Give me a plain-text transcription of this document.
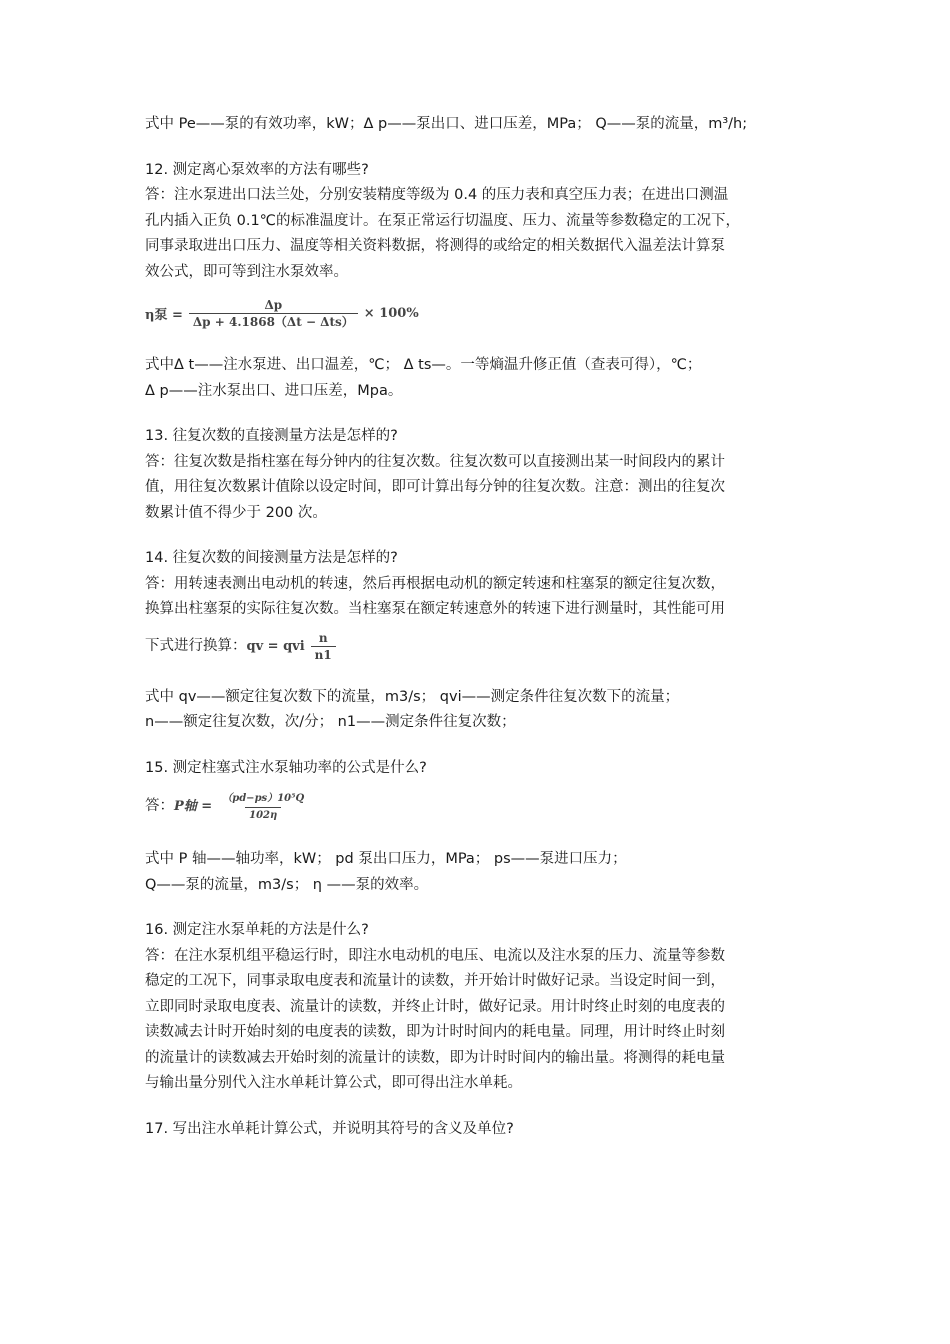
式中 Pe——泵的有效功率，kW；Δ p——泵出口、进口压差，MPa； Q——泵的流量，m³/h;
12. 测定离心泵效率的方法有哪些?
答：注水泵进出口法兰处，分别安装精度等级为 0.4 的压力表和真空压力表；在进出口测温
孔内插入正负 0.1℃的标准温度计。在泵正常运行切温度、压力、流量等参数稳定的工况下，
同事录取进出口压力、温度等相关资料数据，将测得的或给定的相关数据代入温差法计算泵
效公式，即可等到注水泵效率。
η泵 = $\frac{\Delta p}{\text{Δp + 4.1868（Δt − Δts）}} \times 100\%$
式中Δ t——注水泵进、出口温差，℃； Δ ts—。一等熵温升修正值（查表可得），℃；
Δ p——注水泵出口、进口压差，Mpa。
13. 往复次数的直接测量方法是怎样的?
答：往复次数是指柱塞在每分钟内的往复次数。往复次数可以直接测出某一时间段内的累计
值，用往复次数累计值除以设定时间，即可计算出每分钟的往复次数。注意：测出的往复次
数累计值不得少于 200 次。
14. 往复次数的间接测量方法是怎样的?
答：用转速表测出电动机的转速，然后再根据电动机的额定转速和柱塞泵的额定往复次数，
换算出柱塞泵的实际往复次数。当柱塞泵在额定转速意外的转速下进行测量时，其性能可用
下式进行换算： qv = qvi $\frac{n}{n1}$
式中 qv——额定往复次数下的流量，m3/s； qvi——测定条件往复次数下的流量；
n——额定往复次数，次/分； n1——测定条件往复次数；
15. 测定柱塞式注水泵轴功率的公式是什么?
答： P轴 = $\frac{\text{（pd−ps）10⁵Q}}{102\eta}$
式中 P 轴——轴功率，kW； pd 泵出口压力，MPa； ps——泵进口压力；
Q——泵的流量，m3/s； η ——泵的效率。
16. 测定注水泵单耗的方法是什么?
答：在注水泵机组平稳运行时，即注水电动机的电压、电流以及注水泵的压力、流量等参数
稳定的工况下，同事录取电度表和流量计的读数，并开始计时做好记录。当设定时间一到，
立即同时录取电度表、流量计的读数，并终止计时，做好记录。用计时终止时刻的电度表的
读数减去计时开始时刻的电度表的读数，即为计时时间内的耗电量。同理，用计时终止时刻
的流量计的读数减去开始时刻的流量计的读数，即为计时时间内的输出量。将测得的耗电量
与输出量分别代入注水单耗计算公式，即可得出注水单耗。
17. 写出注水单耗计算公式，并说明其符号的含义及单位?
